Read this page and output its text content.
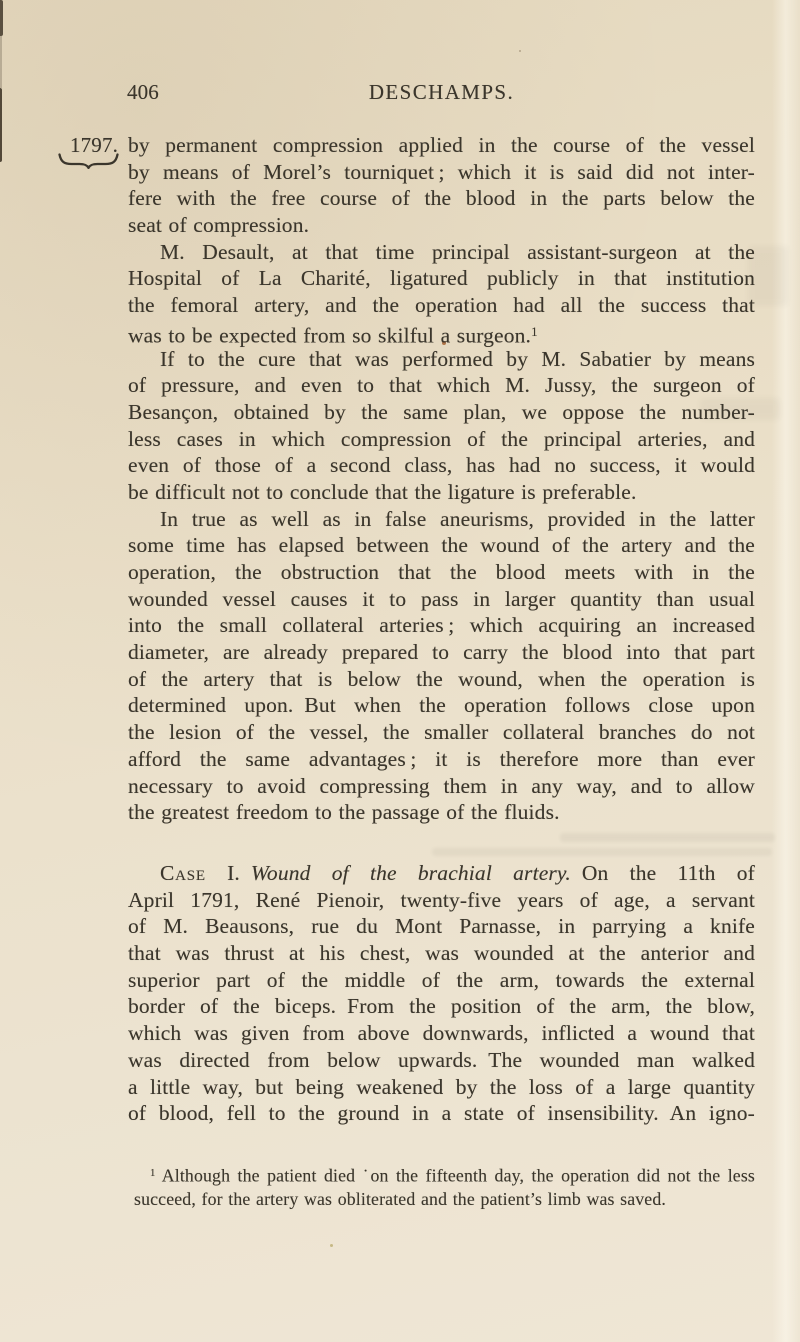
406	DESCHAMPS.
1797. by permanent compression applied in the course of the vessel
by means of Morel’s tourniquet ; which it is said did not inter-
fere with the free course of the blood in the parts below the
seat of compression.
M. Desault, at that time principal assistant-surgeon at the
Hospital of La Charité, ligatured publicly in that institution
the femoral artery, and the operation had all the success that
was to be expected from so skilful a surgeon.$^1$
If to the cure that was performed by M. Sabatier by means
of pressure, and even to that which M. Jussy, the surgeon of
Besançon, obtained by the same plan, we oppose the number-
less cases in which compression of the principal arteries, and
even of those of a second class, has had no success, it would
be difficult not to conclude that the ligature is preferable.
In true as well as in false aneurisms, provided in the latter
some time has elapsed between the wound of the artery and the
operation, the obstruction that the blood meets with in the
wounded vessel causes it to pass in larger quantity than usual
into the small collateral arteries ; which acquiring an increased
diameter, are already prepared to carry the blood into that part
of the artery that is below the wound, when the operation is
determined upon. But when the operation follows close upon
the lesion of the vessel, the smaller collateral branches do not
afford the same advantages ; it is therefore more than ever
necessary to avoid compressing them in any way, and to allow
the greatest freedom to the passage of the fluids.
Case I. Wound of the brachial artery. On the 11th of
April 1791, René Pienoir, twenty-five years of age, a servant
of M. Beausons, rue du Mont Parnasse, in parrying a knife
that was thrust at his chest, was wounded at the anterior and
superior part of the middle of the arm, towards the external
border of the biceps. From the position of the arm, the blow,
which was given from above downwards, inflicted a wound that
was directed from below upwards. The wounded man walked
a little way, but being weakened by the loss of a large quantity
of blood, fell to the ground in a state of insensibility. An igno-
$^1$ Although the patient died ˙on the fifteenth day, the operation did not the less
succeed, for the artery was obliterated and the patient’s limb was saved.
